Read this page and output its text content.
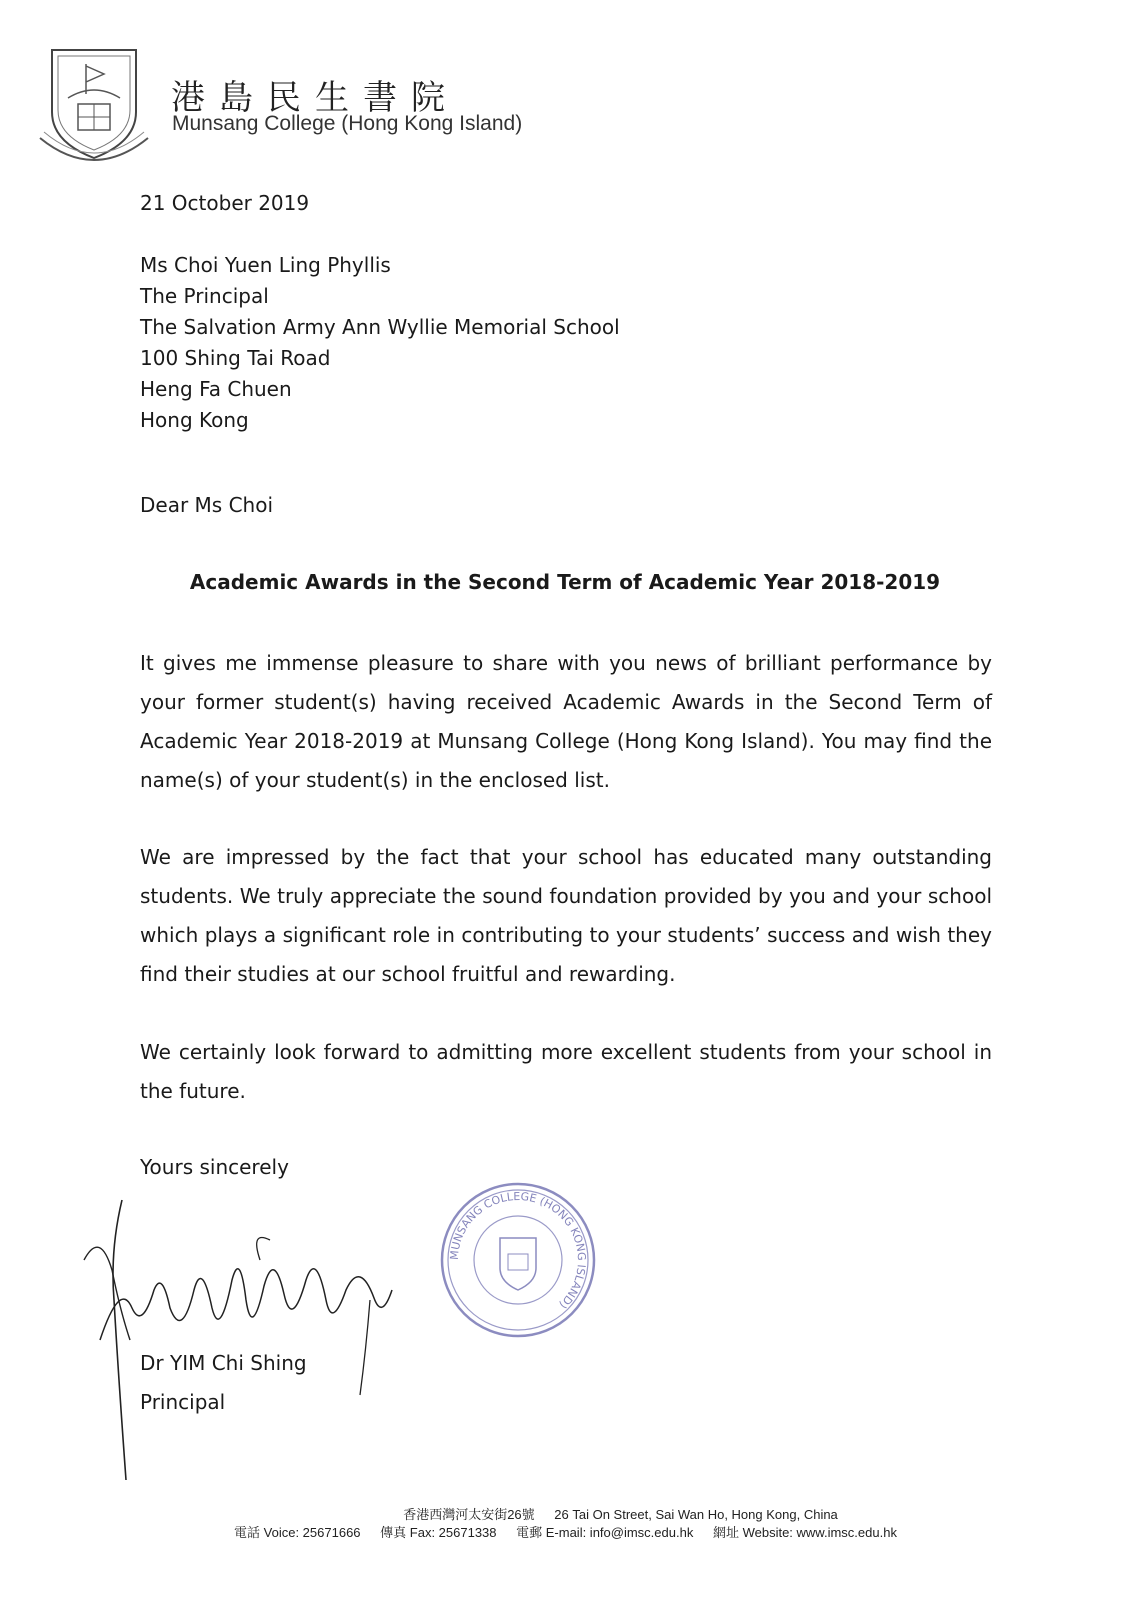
港島民生書院
Munsang College (Hong Kong Island)
21 October 2019
Ms Choi Yuen Ling Phyllis
The Principal
The Salvation Army Ann Wyllie Memorial School
100 Shing Tai Road
Heng Fa Chuen
Hong Kong
Dear Ms Choi
Academic Awards in the Second Term of Academic Year 2018-2019
It gives me immense pleasure to share with you news of brilliant performance by your former student(s) having received Academic Awards in the Second Term of Academic Year 2018-2019 at Munsang College (Hong Kong Island). You may find the name(s) of your student(s) in the enclosed list.
We are impressed by the fact that your school has educated many outstanding students. We truly appreciate the sound foundation provided by you and your school which plays a significant role in contributing to your students’ success and wish they find their studies at our school fruitful and rewarding.
We certainly look forward to admitting more excellent students from your school in the future.
Yours sincerely
MUNSANG COLLEGE (HONG KONG ISLAND)
Dr YIM Chi Shing
Principal
香港西灣河太安街26號 26 Tai On Street, Sai Wan Ho, Hong Kong, China
電話 Voice: 25671666 傳真 Fax: 25671338 電郵 E-mail: info@imsc.edu.hk 網址 Website: www.imsc.edu.hk
